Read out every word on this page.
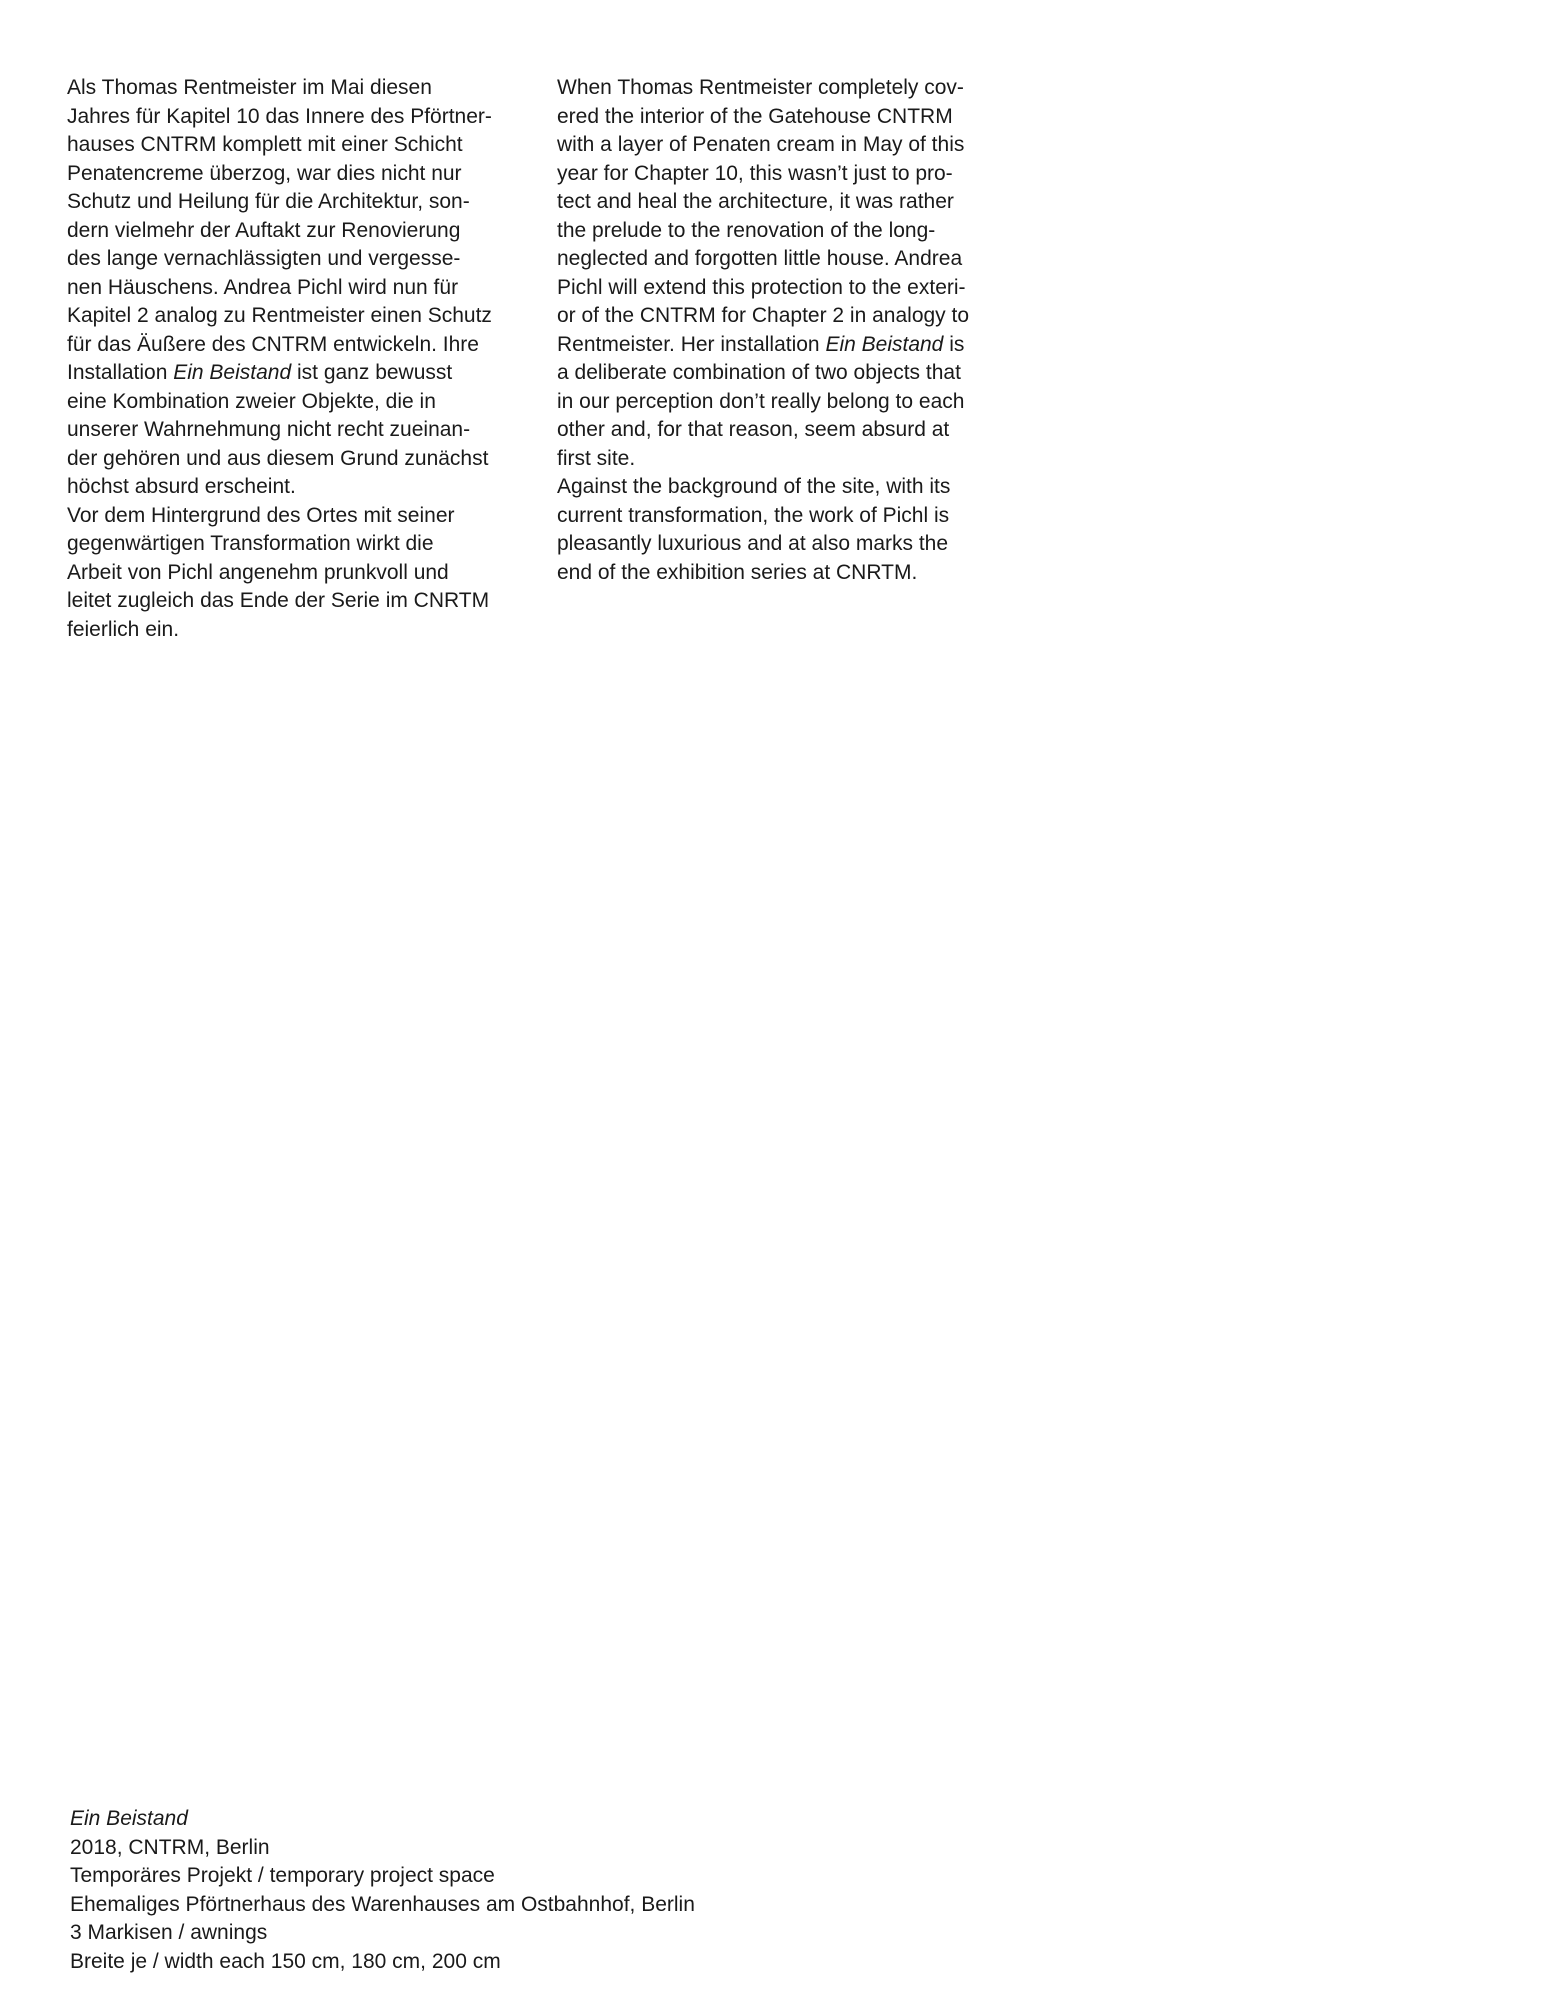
Als Thomas Rentmeister im Mai diesen
Jahres für Kapitel 10 das Innere des Pförtner-
hauses CNTRM komplett mit einer Schicht
Penatencreme überzog, war dies nicht nur
Schutz und Heilung für die Architektur, son-
dern vielmehr der Auftakt zur Renovierung
des lange vernachlässigten und vergesse-
nen Häuschens. Andrea Pichl wird nun für
Kapitel 2 analog zu Rentmeister einen Schutz
für das Äußere des CNTRM entwickeln. Ihre
Installation Ein Beistand ist ganz bewusst
eine Kombination zweier Objekte, die in
unserer Wahrnehmung nicht recht zueinan-
der gehören und aus diesem Grund zunächst
höchst absurd erscheint.
Vor dem Hintergrund des Ortes mit seiner
gegenwärtigen Transformation wirkt die
Arbeit von Pichl angenehm prunkvoll und
leitet zugleich das Ende der Serie im CNRTM
feierlich ein.
When Thomas Rentmeister completely cov-
ered the interior of the Gatehouse CNTRM
with a layer of Penaten cream in May of this
year for Chapter 10, this wasn’t just to pro-
tect and heal the architecture, it was rather
the prelude to the renovation of the long-
neglected and forgotten little house. Andrea
Pichl will extend this protection to the exteri-
or of the CNTRM for Chapter 2 in analogy to
Rentmeister. Her installation Ein Beistand is
a deliberate combination of two objects that
in our perception don’t really belong to each
other and, for that reason, seem absurd at
first site.
Against the background of the site, with its
current transformation, the work of Pichl is
pleasantly luxurious and at also marks the
end of the exhibition series at CNRTM.
Ein Beistand
2018, CNTRM, Berlin
Temporäres Projekt / temporary project space
Ehemaliges Pförtnerhaus des Warenhauses am Ostbahnhof, Berlin
3 Markisen / awnings
Breite je / width each 150 cm, 180 cm, 200 cm
